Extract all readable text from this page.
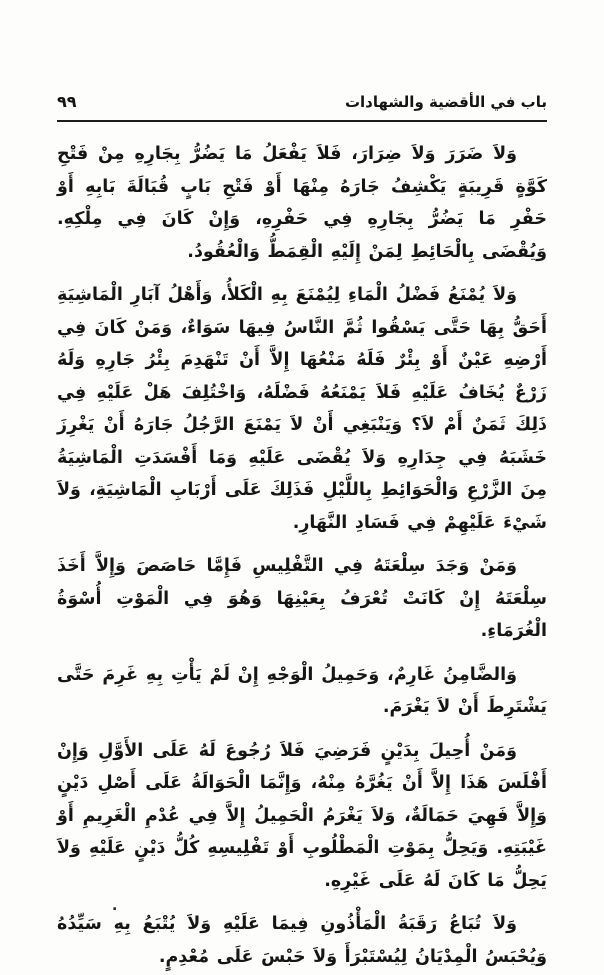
باب في الأقضية والشهادات
٩٩

وَلاَ ضَرَرَ وَلاَ ضِرَارَ، فَلاَ يَفْعَلُ مَا يَضُرُّ بِجَارِهِ مِنْ فَتْحِ كَوَّةٍ قَرِيبَةٍ يَكْشِفُ جَارَهُ مِنْهَا أَوْ فَتْحِ بَابٍ قُبَالَةَ بَابِهِ أَوْ حَفْرِ مَا يَضُرُّ بِجَارِهِ فِي حَفْرِهِ، وَإِنْ كَانَ فِي مِلْكِهِ. وَيُقْضَى بِالْحَائِطِ لِمَنْ إِلَيْهِ الْقِمَطُّ وَالْعُقُودُ.

وَلاَ يُمْنَعُ فَضْلُ الْمَاءِ لِيُمْنَعَ بِهِ الْكَلأُ، وَأَهْلُ آبَارِ الْمَاشِيَةِ أَحَقُّ بِهَا حَتَّى يَسْقُوا ثُمَّ النَّاسُ فِيهَا سَوَاءٌ، وَمَنْ كَانَ فِي أَرْضِهِ عَيْنٌ أَوْ بِئْرٌ فَلَهُ مَنْعُهَا إِلاَّ أَنْ تَنْهَدِمَ بِئْرُ جَارِهِ وَلَهُ زَرْعٌ يُخَافُ عَلَيْهِ فَلاَ يَمْنَعُهُ فَضْلَهُ، وَاخْتُلِفَ هَلْ عَلَيْهِ فِي ذَلِكَ ثَمَنٌ أَمْ لاَ؟ وَيَنْبَغِي أَنْ لاَ يَمْنَعَ الرَّجُلُ جَارَهُ أَنْ يَغْرِزَ خَشَبَهُ فِي جِدَارِهِ وَلاَ يُقْضَى عَلَيْهِ وَمَا أَفْسَدَتِ الْمَاشِيَةُ مِنَ الزَّرْعِ وَالْحَوَائِطِ بِاللَّيْلِ فَذَلِكَ عَلَى أَرْبَابِ الْمَاشِيَةِ، وَلاَ شَيْءَ عَلَيْهِمْ فِي فَسَادِ النَّهَارِ.

وَمَنْ وَجَدَ سِلْعَتَهُ فِي التَّفْلِيسِ فَإِمَّا حَاصَصَ وَإِلاَّ أَخَذَ سِلْعَتَهُ إِنْ كَانَتْ تُعْرَفُ بِعَيْنِهَا وَهُوَ فِي الْمَوْتِ أُسْوَةُ الْغُرَمَاءِ.

وَالضَّامِنُ غَارِمٌ، وَحَمِيلُ الْوَجْهِ إِنْ لَمْ يَأْتِ بِهِ غَرِمَ حَتَّى يَشْتَرِطَ أَنْ لاَ يَغْرَمَ.

وَمَنْ أُحِيلَ بِدَيْنٍ فَرَضِيَ فَلاَ رُجُوعَ لَهُ عَلَى الأَوَّلِ وَإِنْ أَفْلَسَ هَذَا إِلاَّ أَنْ يَغُرَّهُ مِنْهُ، وَإِنَّمَا الْحَوَالَةُ عَلَى أَصْلِ دَيْنٍ وَإِلاَّ فَهِيَ حَمَالَةٌ، وَلاَ يَغْرَمُ الْحَمِيلُ إِلاَّ فِي عُدْمِ الْغَرِيمِ أَوْ غَيْبَتِهِ. وَيَحِلُّ بِمَوْتِ الْمَطْلُوبِ أَوْ تَفْلِيسِهِ كُلُّ دَيْنٍ عَلَيْهِ وَلاَ يَحِلُّ مَا كَانَ لَهُ عَلَى غَيْرِهِ.

وَلاَ تُبَاعُ رَقَبَةُ الْمَأْذُونِ فِيمَا عَلَيْهِ وَلاَ يُتْبَعُ بِهِ سَيِّدُهُ وَيُحْبَسُ الْمِدْيَانُ لِيُسْتَبْرَأَ وَلاَ حَبْسَ عَلَى مُعْدِمٍ.

.
